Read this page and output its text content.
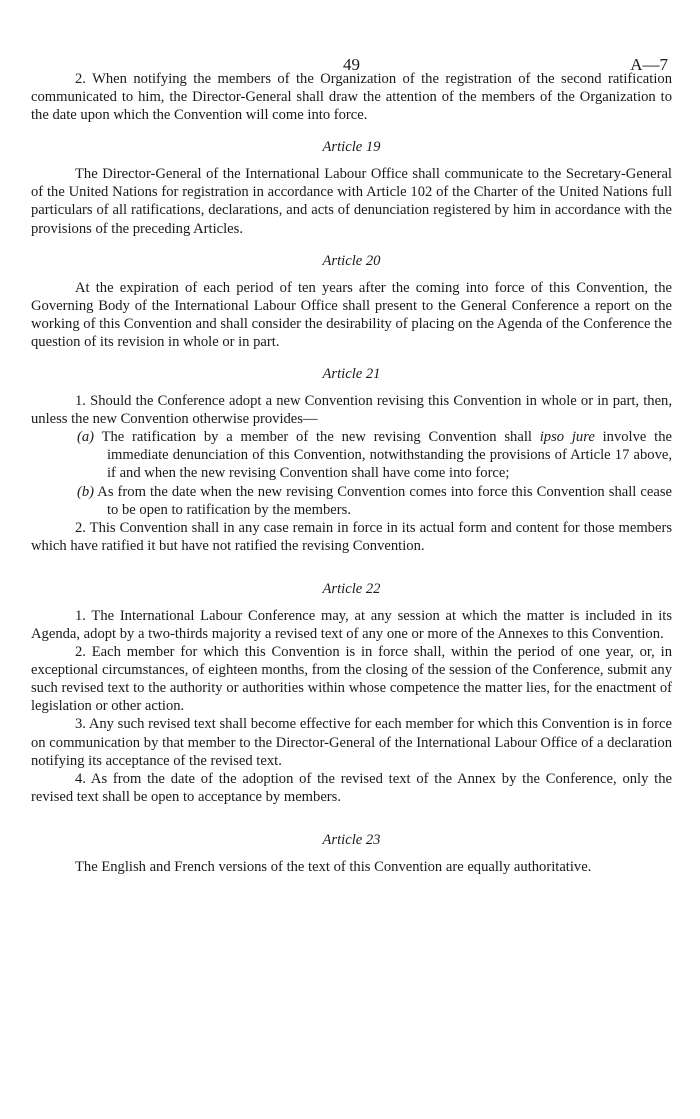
49	A—7

2. When notifying the members of the Organization of the registration of the second ratification communicated to him, the Director-General shall draw the attention of the members of the Organization to the date upon which the Convention will come into force.

Article 19

The Director-General of the International Labour Office shall communicate to the Secretary-General of the United Nations for registration in accordance with Article 102 of the Charter of the United Nations full particulars of all ratifications, declarations, and acts of denunciation registered by him in accordance with the provisions of the preceding Articles.

Article 20

At the expiration of each period of ten years after the coming into force of this Convention, the Governing Body of the International Labour Office shall present to the General Conference a report on the working of this Convention and shall consider the desirability of placing on the Agenda of the Conference the question of its revision in whole or in part.

Article 21

1. Should the Conference adopt a new Convention revising this Convention in whole or in part, then, unless the new Convention otherwise provides—

(a) The ratification by a member of the new revising Convention shall ipso jure involve the immediate denunciation of this Convention, notwithstanding the provisions of Article 17 above, if and when the new revising Convention shall have come into force;

(b) As from the date when the new revising Convention comes into force this Convention shall cease to be open to ratification by the members.

2. This Convention shall in any case remain in force in its actual form and content for those members which have ratified it but have not ratified the revising Convention.

Article 22

1. The International Labour Conference may, at any session at which the matter is included in its Agenda, adopt by a two-thirds majority a revised text of any one or more of the Annexes to this Convention.

2. Each member for which this Convention is in force shall, within the period of one year, or, in exceptional circumstances, of eighteen months, from the closing of the session of the Conference, submit any such revised text to the authority or authorities within whose competence the matter lies, for the enactment of legislation or other action.

3. Any such revised text shall become effective for each member for which this Convention is in force on communication by that member to the Director-General of the International Labour Office of a declaration notifying its acceptance of the revised text.

4. As from the date of the adoption of the revised text of the Annex by the Conference, only the revised text shall be open to acceptance by members.

Article 23

The English and French versions of the text of this Convention are equally authoritative.
